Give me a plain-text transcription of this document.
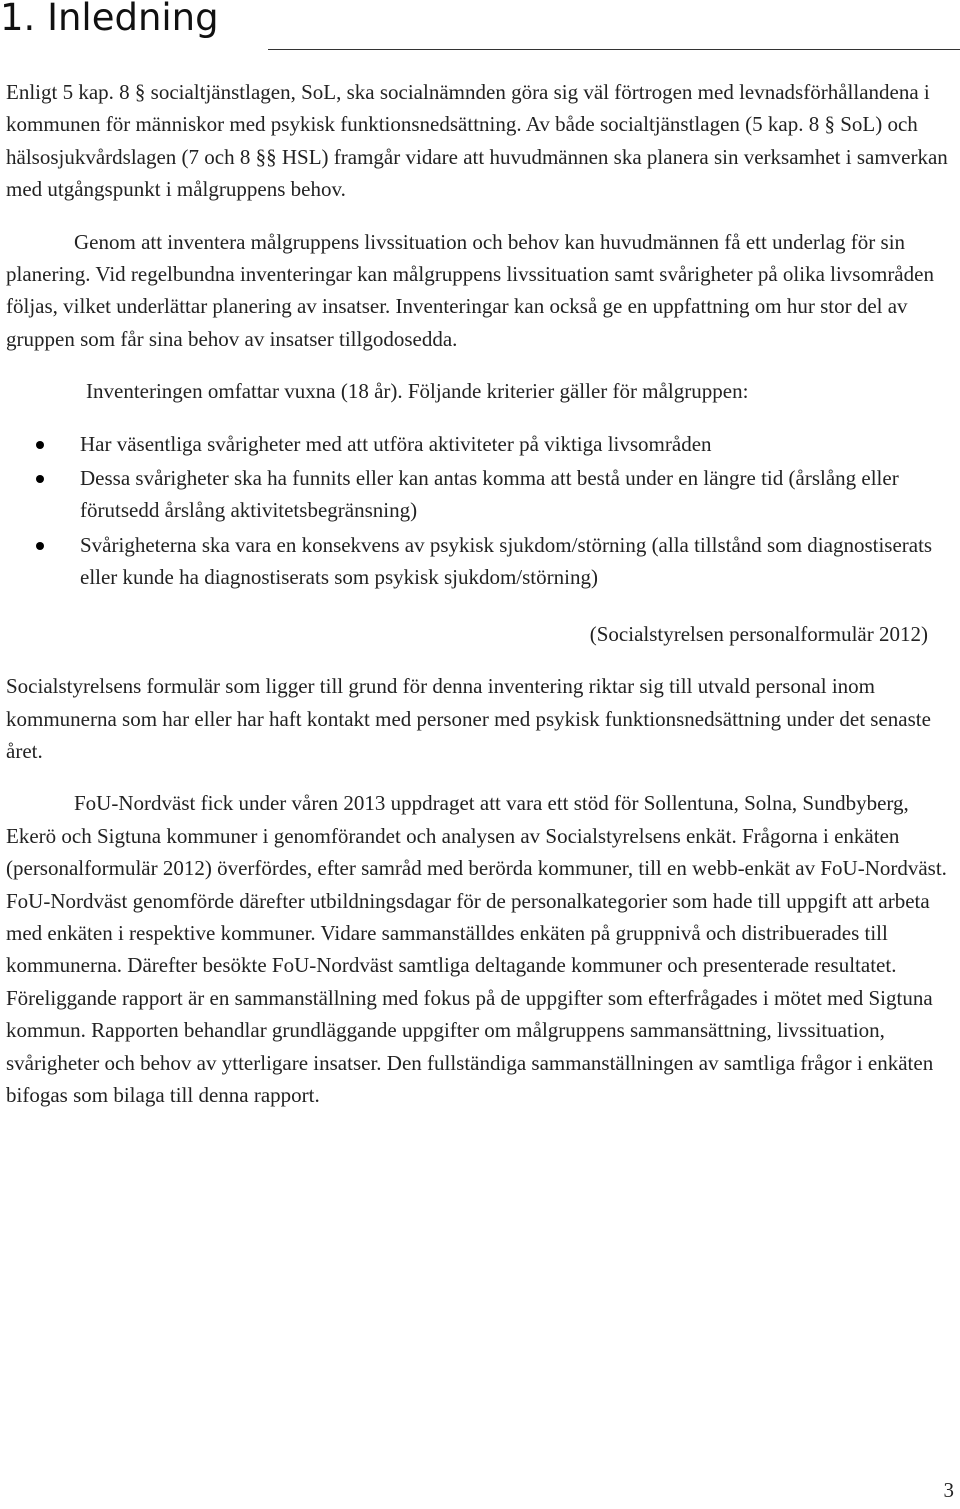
1. Inledning

Enligt 5 kap. 8 § socialtjänstlagen, SoL, ska socialnämnden göra sig väl förtrogen med levnadsförhållandena i kommunen för människor med psykisk funktionsnedsättning. Av både socialtjänstlagen (5 kap. 8 § SoL) och hälsosjukvårdslagen (7 och 8 §§ HSL) framgår vidare att huvudmännen ska planera sin verksamhet i samverkan med utgångspunkt i målgruppens behov.

Genom att inventera målgruppens livssituation och behov kan huvudmännen få ett underlag för sin planering. Vid regelbundna inventeringar kan målgruppens livssituation samt svårigheter på olika livsområden följas, vilket underlättar planering av insatser. Inventeringar kan också ge en uppfattning om hur stor del av gruppen som får sina behov av insatser tillgodosedda.

Inventeringen omfattar vuxna (18 år). Följande kriterier gäller för målgruppen:

Har väsentliga svårigheter med att utföra aktiviteter på viktiga livsområden
Dessa svårigheter ska ha funnits eller kan antas komma att bestå under en längre tid (årslång eller förutsedd årslång aktivitetsbegränsning)
Svårigheterna ska vara en konsekvens av psykisk sjukdom/störning (alla tillstånd som diagnostiserats eller kunde ha diagnostiserats som psykisk sjukdom/störning)

(Socialstyrelsen personalformulär 2012)

Socialstyrelsens formulär som ligger till grund för denna inventering riktar sig till utvald personal inom kommunerna som har eller har haft kontakt med personer med psykisk funktionsnedsättning under det senaste året.

FoU-Nordväst fick under våren 2013 uppdraget att vara ett stöd för Sollentuna, Solna, Sundbyberg, Ekerö och Sigtuna kommuner i genomförandet och analysen av Socialstyrelsens enkät. Frågorna i enkäten (personalformulär 2012) överfördes, efter samråd med berörda kommuner, till en webb-enkät av FoU-Nordväst. FoU-Nordväst genomförde därefter utbildningsdagar för de personalkategorier som hade till uppgift att arbeta med enkäten i respektive kommuner. Vidare sammanställdes enkäten på gruppnivå och distribuerades till kommunerna. Därefter besökte FoU-Nordväst samtliga deltagande kommuner och presenterade resultatet. Föreliggande rapport är en sammanställning med fokus på de uppgifter som efterfrågades i mötet med Sigtuna kommun. Rapporten behandlar grundläggande uppgifter om målgruppens sammansättning, livssituation, svårigheter och behov av ytterligare insatser. Den fullständiga sammanställningen av samtliga frågor i enkäten bifogas som bilaga till denna rapport.

3
